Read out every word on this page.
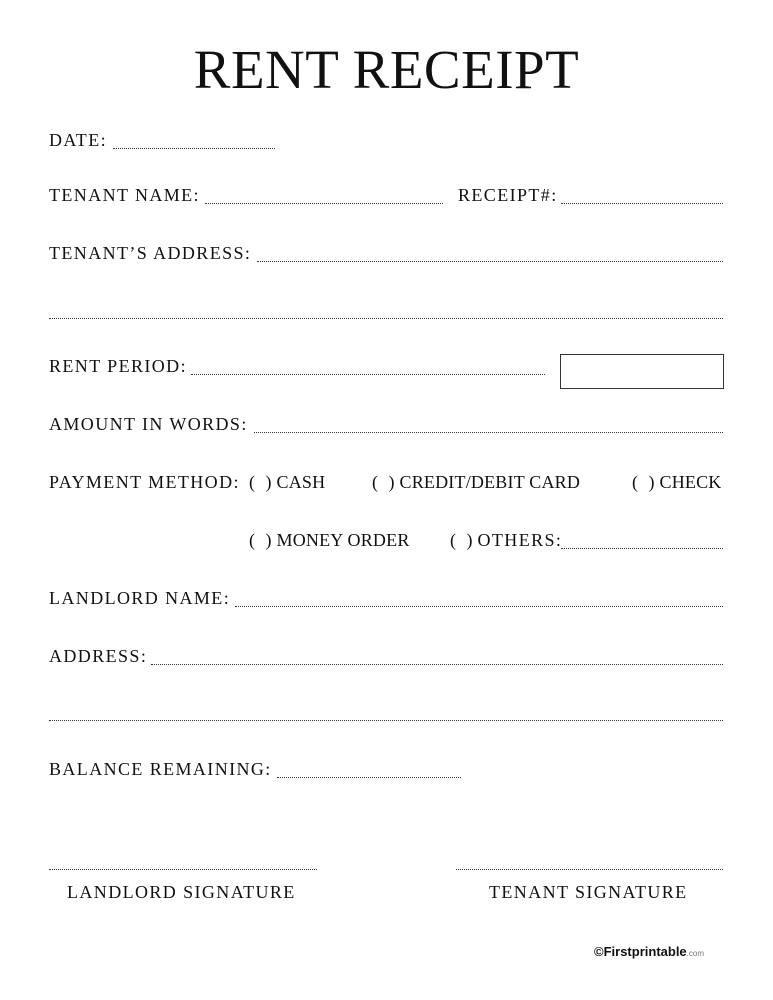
RENT RECEIPT
DATE:
TENANT NAME:	RECEIPT#:
TENANT’S ADDRESS:
RENT PERIOD:
AMOUNT IN WORDS:
PAYMENT METHOD: ( ) CASH	( ) CREDIT/DEBIT CARD	( ) CHECK
( ) MONEY ORDER ( ) OTHERS:
LANDLORD NAME:
ADDRESS:
BALANCE REMAINING:
LANDLORD SIGNATURE	TENANT SIGNATURE
©Firstprintable.com
